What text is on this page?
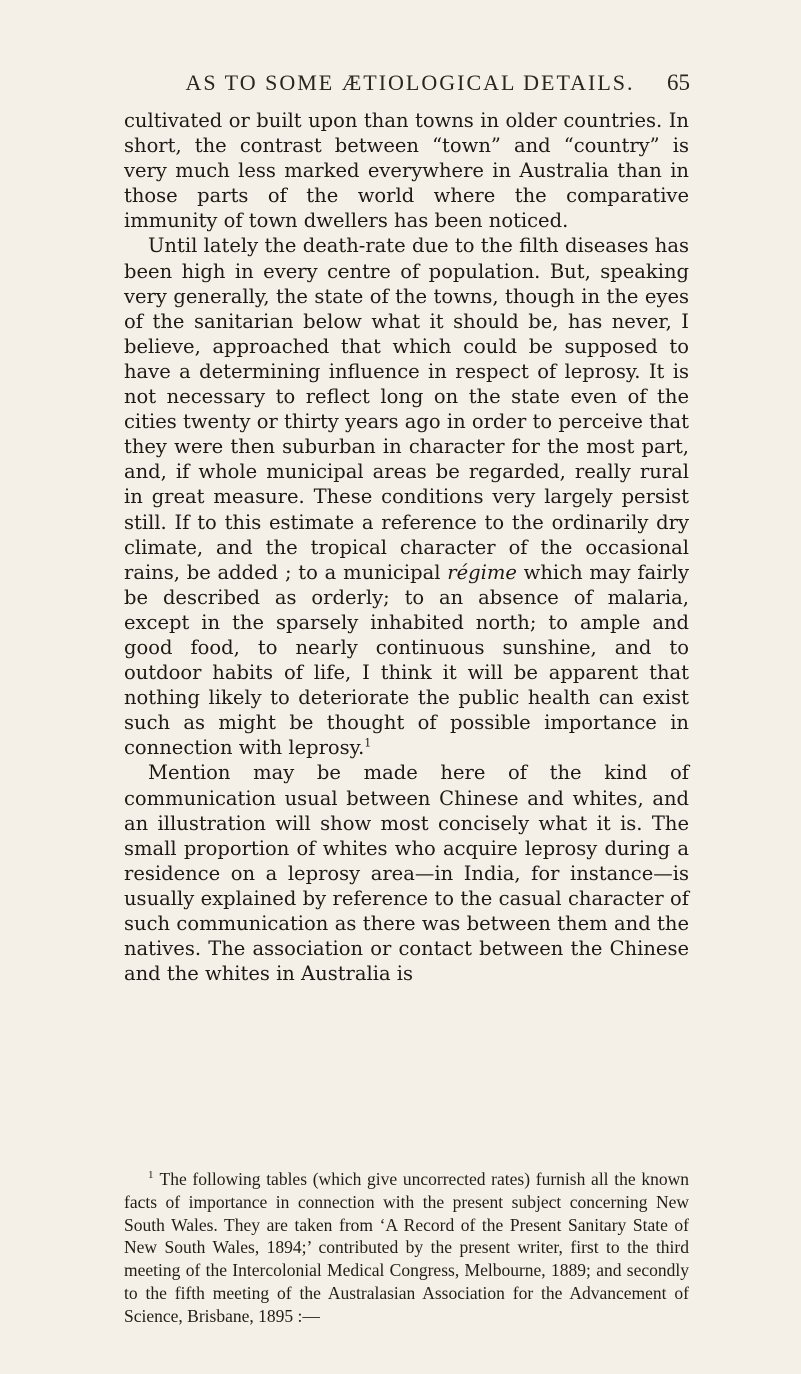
AS TO SOME ÆTIOLOGICAL DETAILS.	65

cultivated or built upon than towns in older countries. In short, the contrast between “town” and “country” is very much less marked everywhere in Australia than in those parts of the world where the comparative immunity of town dwellers has been noticed.

Until lately the death-rate due to the filth diseases has been high in every centre of population. But, speaking very generally, the state of the towns, though in the eyes of the sanitarian below what it should be, has never, I believe, approached that which could be supposed to have a determining influence in respect of leprosy. It is not necessary to reflect long on the state even of the cities twenty or thirty years ago in order to perceive that they were then suburban in character for the most part, and, if whole municipal areas be regarded, really rural in great measure. These conditions very largely persist still. If to this estimate a reference to the ordinarily dry climate, and the tropical character of the occasional rains, be added ; to a municipal régime which may fairly be described as orderly; to an absence of malaria, except in the sparsely inhabited north; to ample and good food, to nearly continuous sunshine, and to outdoor habits of life, I think it will be apparent that nothing likely to deteriorate the public health can exist such as might be thought of possible importance in connection with leprosy.$^1$

Mention may be made here of the kind of communication usual between Chinese and whites, and an illustration will show most concisely what it is. The small proportion of whites who acquire leprosy during a residence on a leprosy area—in India, for instance—is usually explained by reference to the casual character of such communication as there was between them and the natives. The association or contact between the Chinese and the whites in Australia is

$^1$ The following tables (which give uncorrected rates) furnish all the known facts of importance in connection with the present subject concerning New South Wales. They are taken from ‘A Record of the Present Sanitary State of New South Wales, 1894;’ contributed by the present writer, first to the third meeting of the Intercolonial Medical Congress, Melbourne, 1889; and secondly to the fifth meeting of the Australasian Association for the Advancement of Science, Brisbane, 1895 :—
